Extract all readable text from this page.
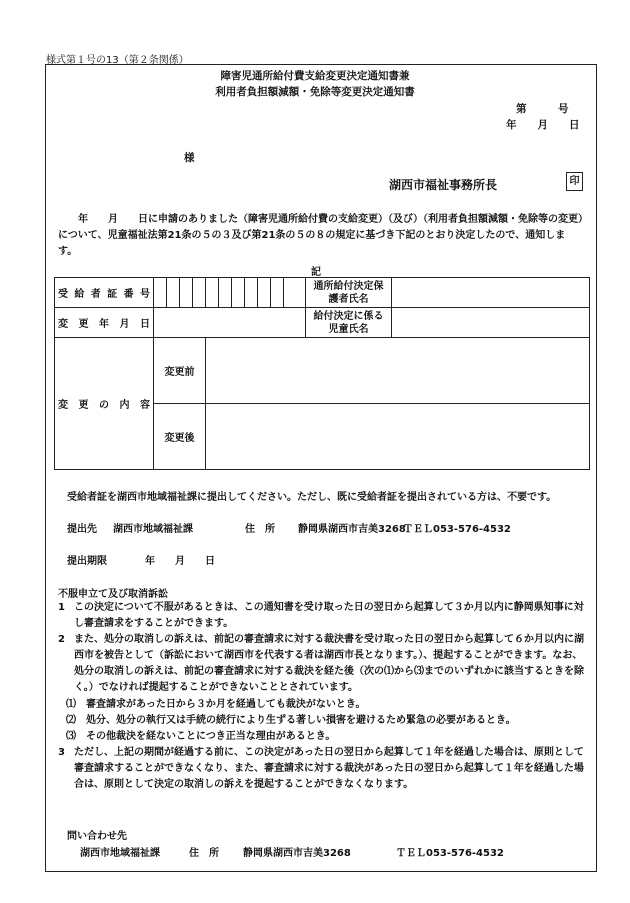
様式第１号の13（第２条関係）
障害児通所給付費支給変更決定通知書兼
利用者負担額減額・免除等変更決定通知書
第　　　号
年　　月　　日
様
湖西市福祉事務所長	印
　　年　　月　　日に申請のありました（障害児通所給付費の支給変更）（及び）（利用者負担額減額・免除等の変更）について、児童福祉法第21条の５の３及び第21条の５の８の規定に基づき下記のとおり決定したので、通知します。
記
受給者証番号												通所給付決定保護者氏名	
変更年月日												給付決定に係る児童氏名	
変更の内容	変更前												
	変更後												
受給者証を湖西市地域福祉課に提出してください。ただし、既に受給者証を提出されている方は、不要です。
提出先 湖西市地域福祉課	住　所 静岡県湖西市吉美3268
ＴＥＬ053-576-4532
提出期限	年　　月　　日
不服申立て及び取消訴訟
1 この決定について不服があるときは、この通知書を受け取った日の翌日から起算して３か月以内に静岡県知事に対し審査請求をすることができます。
2 また、処分の取消しの訴えは、前記の審査請求に対する裁決書を受け取った日の翌日から起算して６か月以内に湖西市を被告として（訴訟において湖西市を代表する者は湖西市長となります。）、提起することができます。なお、処分の取消しの訴えは、前記の審査請求に対する裁決を経た後（次の⑴から⑶までのいずれかに該当するときを除く。）でなければ提起することができないこととされています。
⑴　審査請求があった日から３か月を経過しても裁決がないとき。
⑵　処分、処分の執行又は手続の続行により生ずる著しい損害を避けるため緊急の必要があるとき。
⑶　その他裁決を経ないことにつき正当な理由があるとき。
3 ただし、上記の期間が経過する前に、この決定があった日の翌日から起算して１年を経過した場合は、原則として審査請求することができなくなり、また、審査請求に対する裁決があった日の翌日から起算して１年を経過した場合は、原則として決定の取消しの訴えを提起することができなくなります。
問い合わせ先
湖西市地域福祉課	住　所 静岡県湖西市吉美3268	ＴＥＬ053-576-4532
